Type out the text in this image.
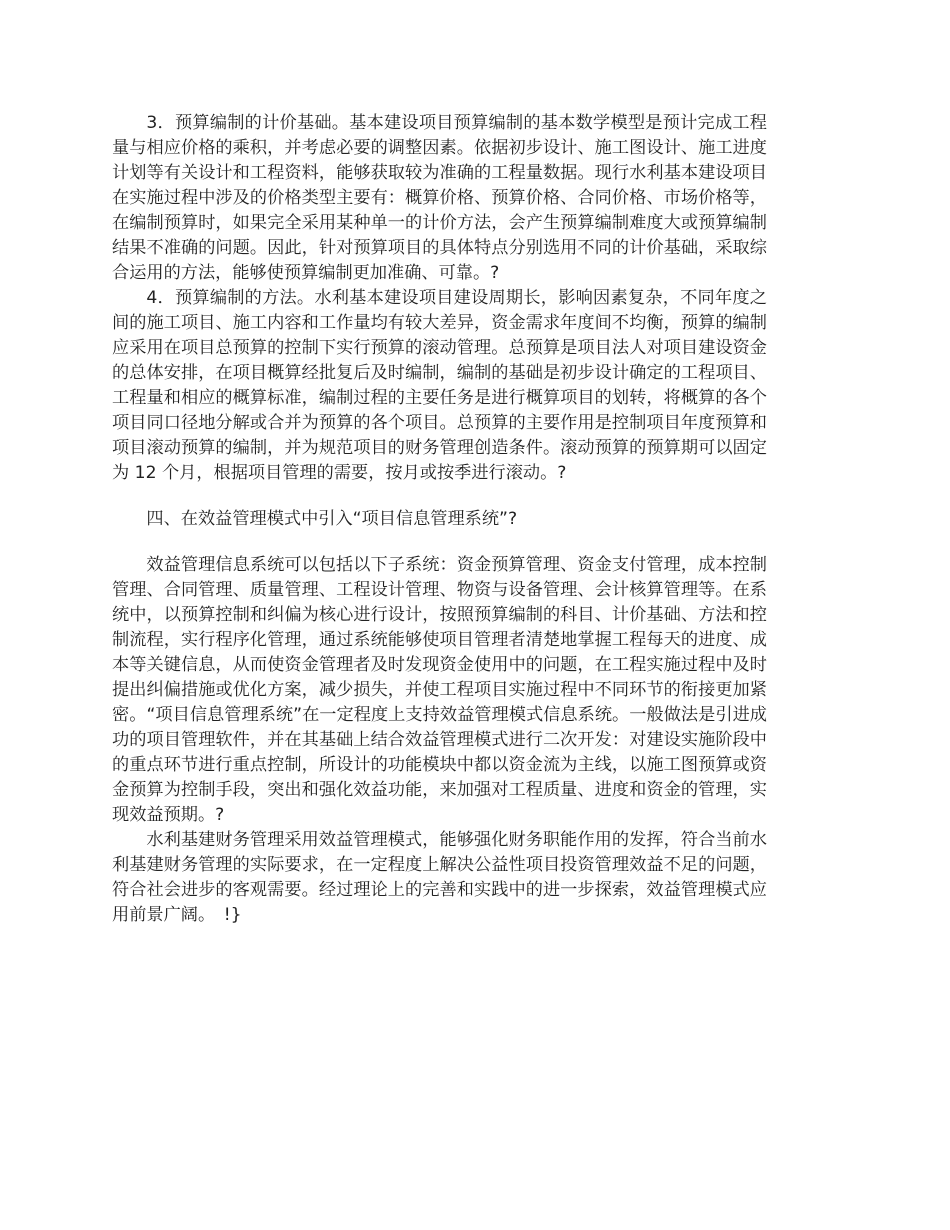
3．预算编制的计价基础。基本建设项目预算编制的基本数学模型是预计完成工程量与相应价格的乘积，并考虑必要的调整因素。依据初步设计、施工图设计、施工进度计划等有关设计和工程资料，能够获取较为准确的工程量数据。现行水利基本建设项目在实施过程中涉及的价格类型主要有：概算价格、预算价格、合同价格、市场价格等，在编制预算时，如果完全采用某种单一的计价方法，会产生预算编制难度大或预算编制结果不准确的问题。因此，针对预算项目的具体特点分别选用不同的计价基础，采取综合运用的方法，能够使预算编制更加准确、可靠。?

4．预算编制的方法。水利基本建设项目建设周期长，影响因素复杂，不同年度之间的施工项目、施工内容和工作量均有较大差异，资金需求年度间不均衡，预算的编制应采用在项目总预算的控制下实行预算的滚动管理。总预算是项目法人对项目建设资金的总体安排，在项目概算经批复后及时编制，编制的基础是初步设计确定的工程项目、工程量和相应的概算标准，编制过程的主要任务是进行概算项目的划转，将概算的各个项目同口径地分解或合并为预算的各个项目。总预算的主要作用是控制项目年度预算和项目滚动预算的编制，并为规范项目的财务管理创造条件。滚动预算的预算期可以固定为 12 个月，根据项目管理的需要，按月或按季进行滚动。?

四、在效益管理模式中引入“项目信息管理系统”?

效益管理信息系统可以包括以下子系统：资金预算管理、资金支付管理，成本控制管理、合同管理、质量管理、工程设计管理、物资与设备管理、会计核算管理等。在系统中，以预算控制和纠偏为核心进行设计，按照预算编制的科目、计价基础、方法和控制流程，实行程序化管理，通过系统能够使项目管理者清楚地掌握工程每天的进度、成本等关键信息，从而使资金管理者及时发现资金使用中的问题，在工程实施过程中及时提出纠偏措施或优化方案，减少损失，并使工程项目实施过程中不同环节的衔接更加紧密。“项目信息管理系统”在一定程度上支持效益管理模式信息系统。一般做法是引进成功的项目管理软件，并在其基础上结合效益管理模式进行二次开发：对建设实施阶段中的重点环节进行重点控制，所设计的功能模块中都以资金流为主线，以施工图预算或资金预算为控制手段，突出和强化效益功能，来加强对工程质量、进度和资金的管理，实现效益预期。?

水利基建财务管理采用效益管理模式，能够强化财务职能作用的发挥，符合当前水利基建财务管理的实际要求，在一定程度上解决公益性项目投资管理效益不足的问题，符合社会进步的客观需要。经过理论上的完善和实践中的进一步探索，效益管理模式应用前景广阔。　!}
